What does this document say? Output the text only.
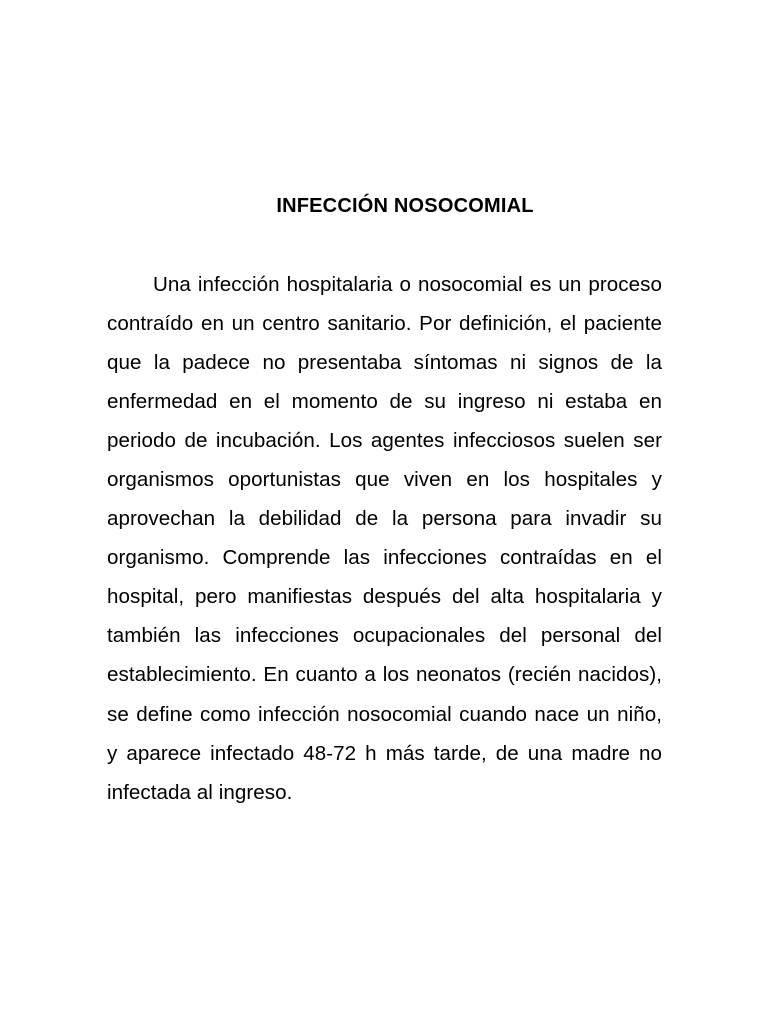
INFECCIÓN NOSOCOMIAL

Una infección hospitalaria o nosocomial es un proceso contraído en un centro sanitario. Por definición, el paciente que la padece no presentaba síntomas ni signos de la enfermedad en el momento de su ingreso ni estaba en periodo de incubación. Los agentes infecciosos suelen ser organismos oportunistas que viven en los hospitales y aprovechan la debilidad de la persona para invadir su organismo. Comprende las infecciones contraídas en el hospital, pero manifiestas después del alta hospitalaria y también las infecciones ocupacionales del personal del establecimiento. En cuanto a los neonatos (recién nacidos), se define como infección nosocomial cuando nace un niño, y aparece infectado 48-72 h más tarde, de una madre no infectada al ingreso.
